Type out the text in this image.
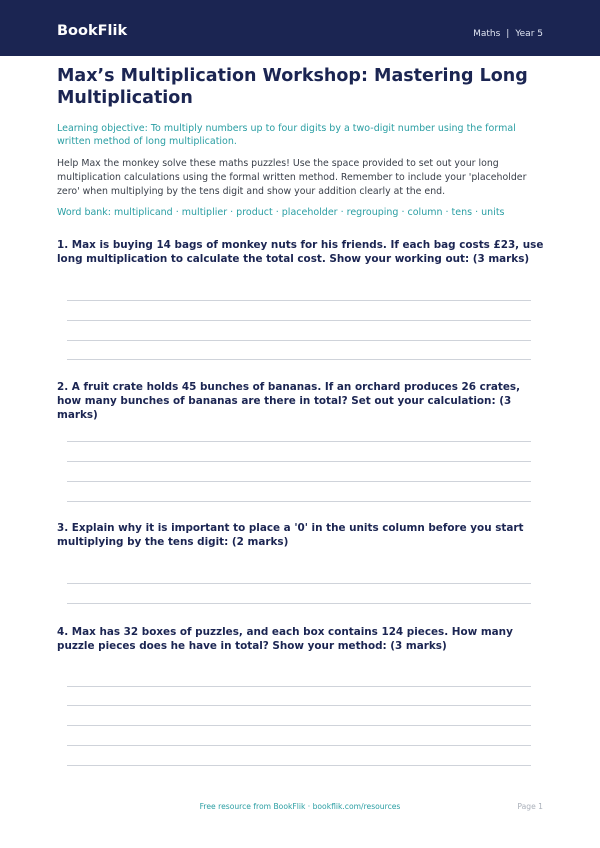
BookFlik	Maths | Year 5
Max’s Multiplication Workshop: Mastering Long Multiplication

Learning objective: To multiply numbers up to four digits by a two-digit number using the formal written method of long multiplication.

Help Max the monkey solve these maths puzzles! Use the space provided to set out your long multiplication calculations using the formal written method. Remember to include your 'placeholder zero' when multiplying by the tens digit and show your addition clearly at the end.

Word bank: multiplicand · multiplier · product · placeholder · regrouping · column · tens · units

1. Max is buying 14 bags of monkey nuts for his friends. If each bag costs £23, use long multiplication to calculate the total cost. Show your working out: (3 marks)

2. A fruit crate holds 45 bunches of bananas. If an orchard produces 26 crates, how many bunches of bananas are there in total? Set out your calculation: (3 marks)

3. Explain why it is important to place a '0' in the units column before you start multiplying by the tens digit: (2 marks)

4. Max has 32 boxes of puzzles, and each box contains 124 pieces. How many puzzle pieces does he have in total? Show your method: (3 marks)

Free resource from BookFlik · bookflik.com/resources	Page 1
